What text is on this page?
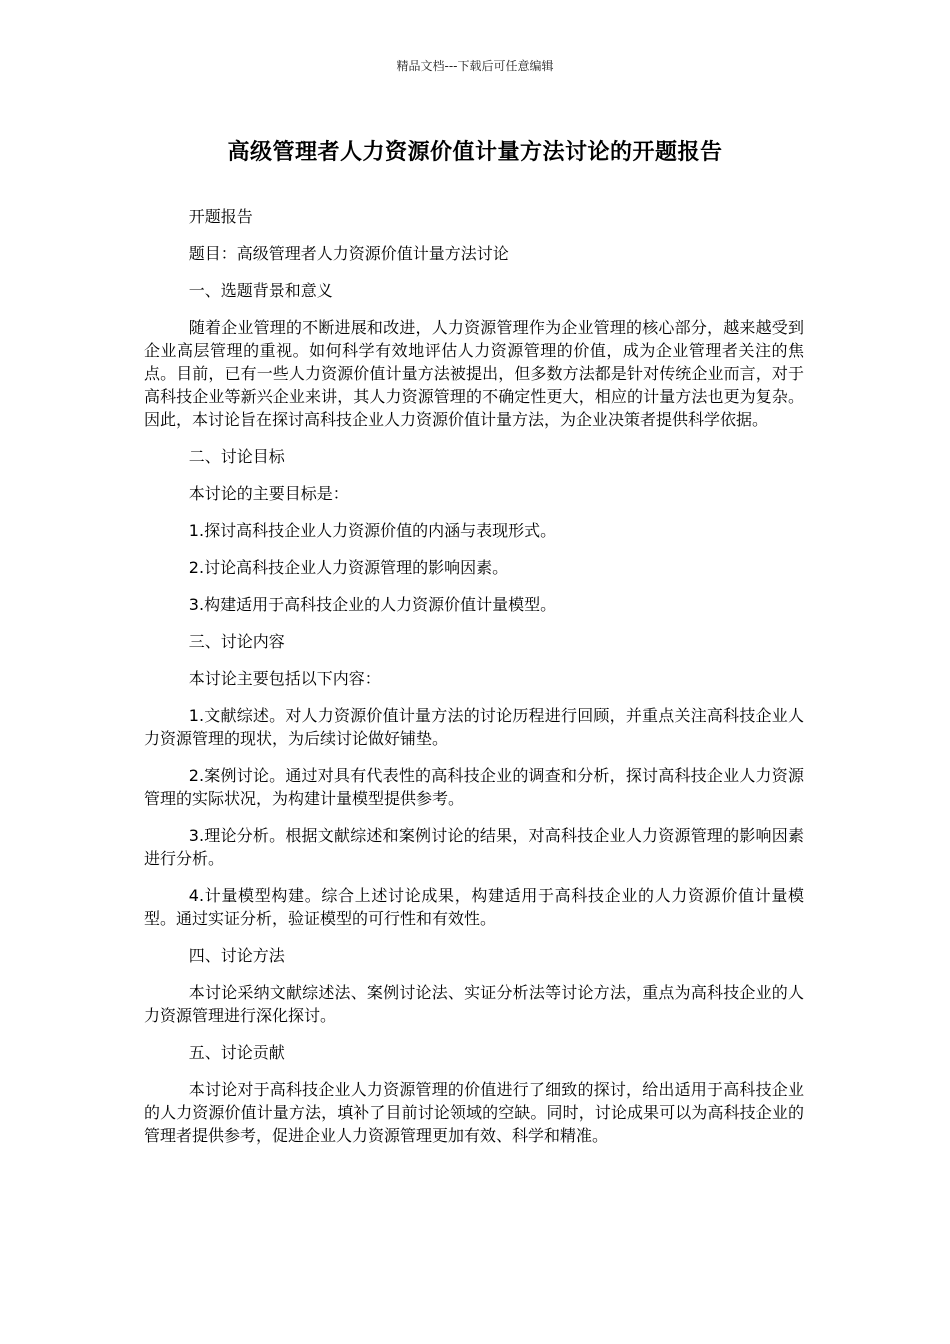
精品文档---下载后可任意编辑
高级管理者人力资源价值计量方法讨论的开题报告

开题报告

题目：高级管理者人力资源价值计量方法讨论

一、选题背景和意义

随着企业管理的不断进展和改进，人力资源管理作为企业管理的核心部分，越来越受到企业高层管理的重视。如何科学有效地评估人力资源管理的价值，成为企业管理者关注的焦点。目前，已有一些人力资源价值计量方法被提出，但多数方法都是针对传统企业而言，对于高科技企业等新兴企业来讲，其人力资源管理的不确定性更大，相应的计量方法也更为复杂。因此，本讨论旨在探讨高科技企业人力资源价值计量方法，为企业决策者提供科学依据。

二、讨论目标

本讨论的主要目标是：

1.探讨高科技企业人力资源价值的内涵与表现形式。

2.讨论高科技企业人力资源管理的影响因素。

3.构建适用于高科技企业的人力资源价值计量模型。

三、讨论内容

本讨论主要包括以下内容：

1.文献综述。对人力资源价值计量方法的讨论历程进行回顾，并重点关注高科技企业人力资源管理的现状，为后续讨论做好铺垫。

2.案例讨论。通过对具有代表性的高科技企业的调查和分析，探讨高科技企业人力资源管理的实际状况，为构建计量模型提供参考。

3.理论分析。根据文献综述和案例讨论的结果，对高科技企业人力资源管理的影响因素进行分析。

4.计量模型构建。综合上述讨论成果，构建适用于高科技企业的人力资源价值计量模型。通过实证分析，验证模型的可行性和有效性。

四、讨论方法

本讨论采纳文献综述法、案例讨论法、实证分析法等讨论方法，重点为高科技企业的人力资源管理进行深化探讨。

五、讨论贡献

本讨论对于高科技企业人力资源管理的价值进行了细致的探讨，给出适用于高科技企业的人力资源价值计量方法，填补了目前讨论领域的空缺。同时，讨论成果可以为高科技企业的管理者提供参考，促进企业人力资源管理更加有效、科学和精准。
